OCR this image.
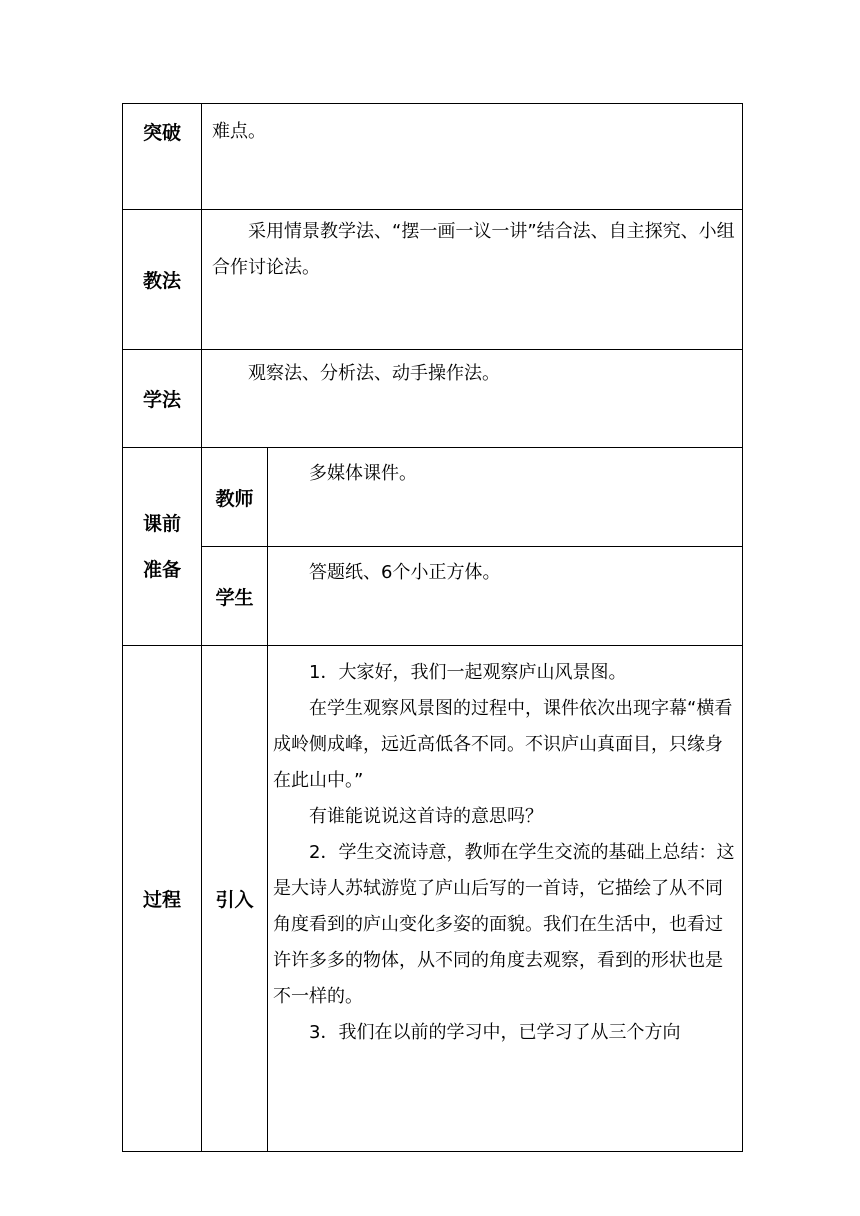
突破	难点。	
教法	采用情景教学法、“摆一画一议一讲”结合法、自主探究、小组合作讨论法。	

学法	观察法、分析法、动手操作法。	

课前
准备	教师	多媒体课件。

	学生	答题纸、6个小正方体。

过程	引入	1．大家好，我们一起观察庐山风景图。

在学生观察风景图的过程中，课件依次出现字幕“横看成岭侧成峰，远近高低各不同。不识庐山真面目，只缘身在此山中。”

有谁能说说这首诗的意思吗？

2．学生交流诗意，教师在学生交流的基础上总结：这是大诗人苏轼游览了庐山后写的一首诗，它描绘了从不同角度看到的庐山变化多姿的面貌。我们在生活中，也看过许许多多的物体，从不同的角度去观察，看到的形状也是不一样的。

3．我们在以前的学习中，已学习了从三个方向
